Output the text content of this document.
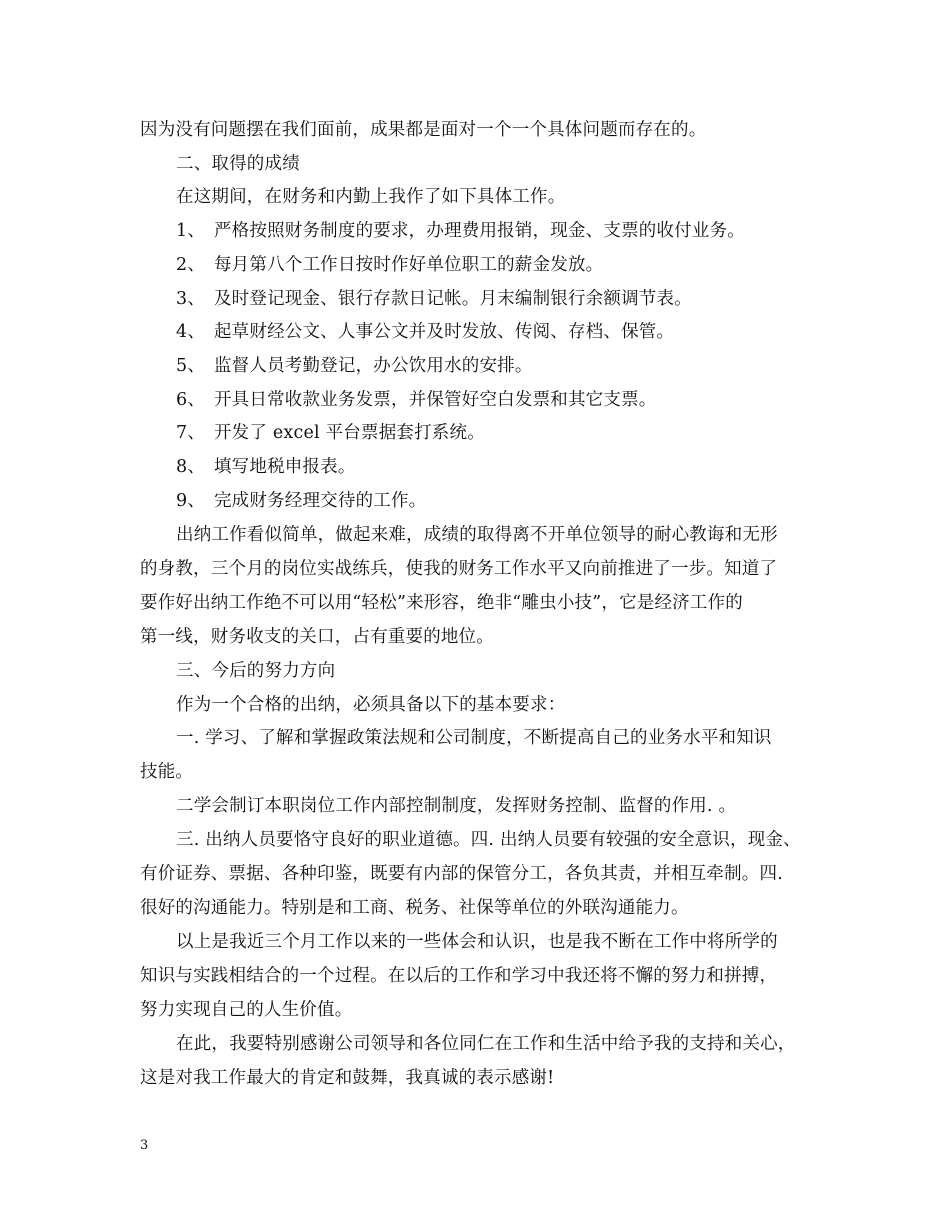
因为没有问题摆在我们面前，成果都是面对一个一个具体问题而存在的。
二、取得的成绩
在这期间，在财务和内勤上我作了如下具体工作。
1、　严格按照财务制度的要求，办理费用报销，现金、支票的收付业务。
2、　每月第八个工作日按时作好单位职工的薪金发放。
3、　及时登记现金、银行存款日记帐。月末编制银行余额调节表。
4、　起草财经公文、人事公文并及时发放、传阅、存档、保管。
5、　监督人员考勤登记，办公饮用水的安排。
6、　开具日常收款业务发票，并保管好空白发票和其它支票。
7、　开发了 excel 平台票据套打系统。
8、　填写地税申报表。
9、　完成财务经理交待的工作。
出纳工作看似简单，做起来难，成绩的取得离不开单位领导的耐心教诲和无形
的身教，三个月的岗位实战练兵，使我的财务工作水平又向前推进了一步。知道了
要作好出纳工作绝不可以用“轻松”来形容，绝非“雕虫小技”，它是经济工作的
第一线，财务收支的关口，占有重要的地位。
三、今后的努力方向
作为一个合格的出纳，必须具备以下的基本要求：
一. 学习、了解和掌握政策法规和公司制度，不断提高自己的业务水平和知识
技能。
二学会制订本职岗位工作内部控制制度，发挥财务控制、监督的作用. 。
三. 出纳人员要恪守良好的职业道德。四. 出纳人员要有较强的安全意识，现金、
有价证券、票据、各种印鉴，既要有内部的保管分工，各负其责，并相互牵制。四.
很好的沟通能力。特别是和工商、税务、社保等单位的外联沟通能力。
以上是我近三个月工作以来的一些体会和认识，也是我不断在工作中将所学的
知识与实践相结合的一个过程。在以后的工作和学习中我还将不懈的努力和拼搏，
努力实现自己的人生价值。
在此，我要特别感谢公司领导和各位同仁在工作和生活中给予我的支持和关心，
这是对我工作最大的肯定和鼓舞，我真诚的表示感谢!
3
